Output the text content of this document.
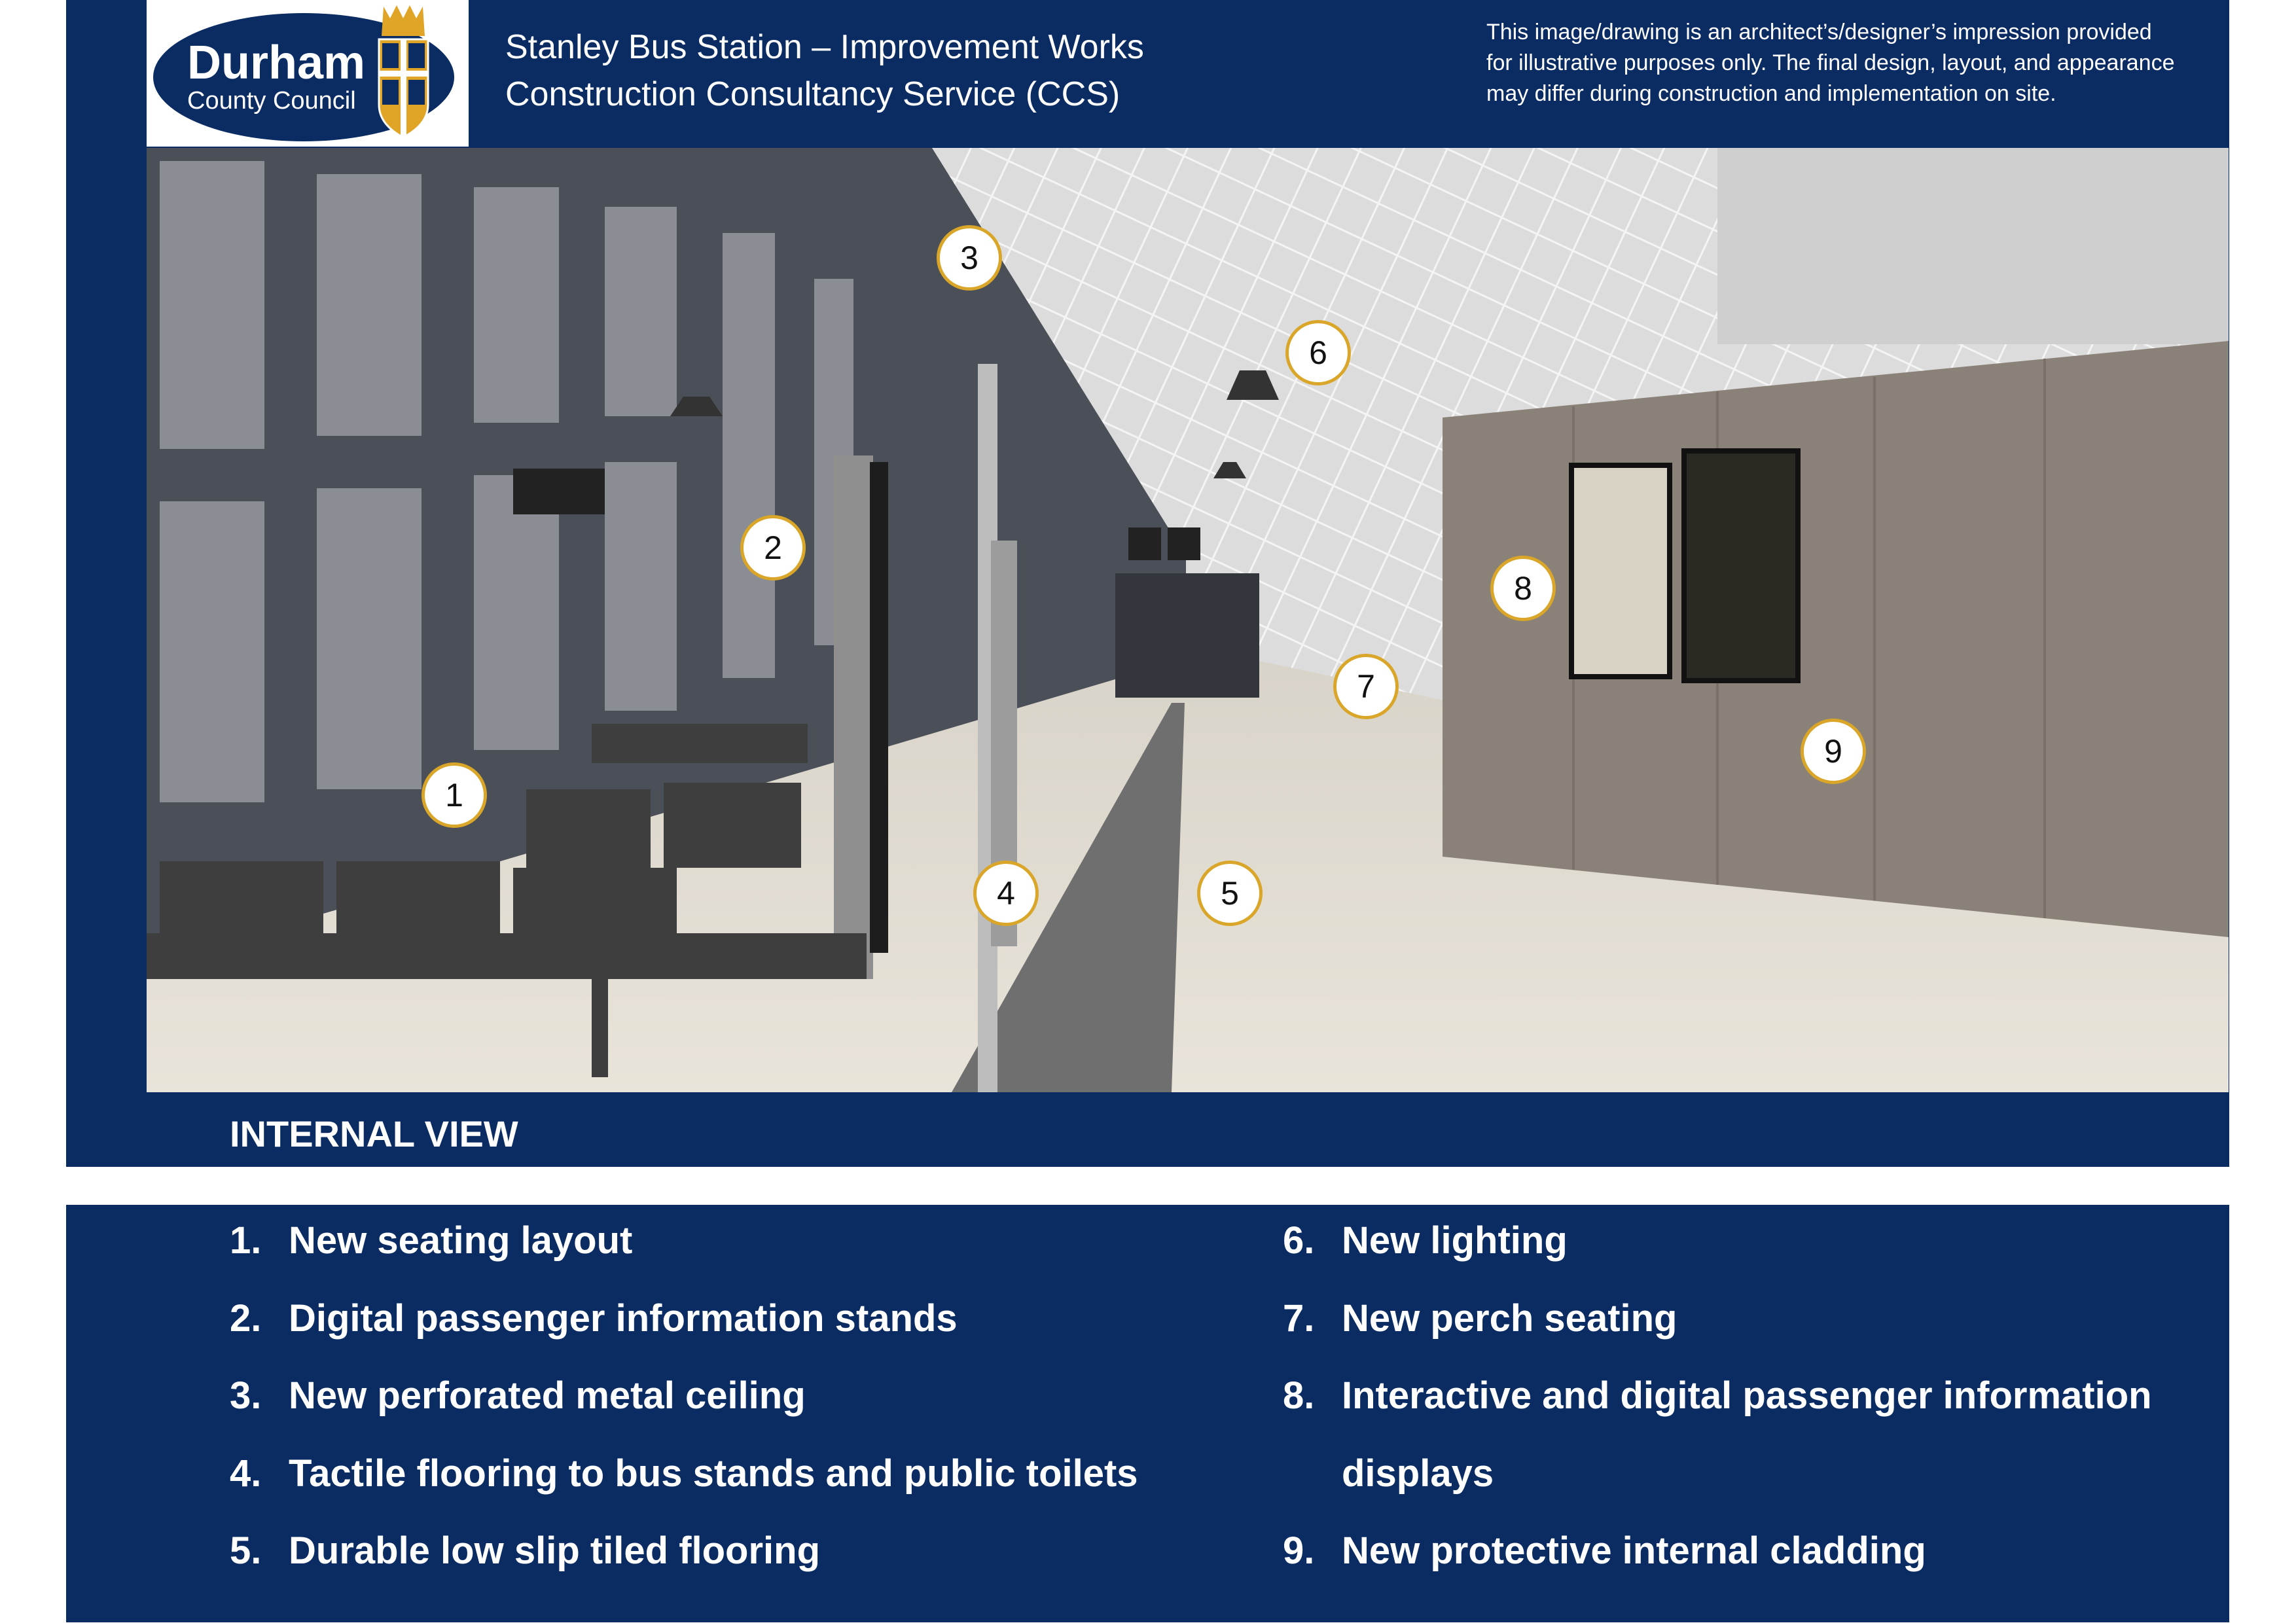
Durham
County Council
Stanley Bus Station – Improvement Works
Construction Consultancy Service (CCS)
This image/drawing is an architect’s/designer’s impression provided
for illustrative purposes only. The final design, layout, and appearance
may differ during construction and implementation on site.
1
2
3
4	5
6
7
8
9
INTERNAL VIEW
1. New seating layout
2. Digital passenger information stands
3. New perforated metal ceiling
4. Tactile flooring to bus stands and public toilets
5. Durable low slip tiled flooring
6. New lighting
7. New perch seating
8. Interactive and digital passenger information
displays
9. New protective internal cladding
